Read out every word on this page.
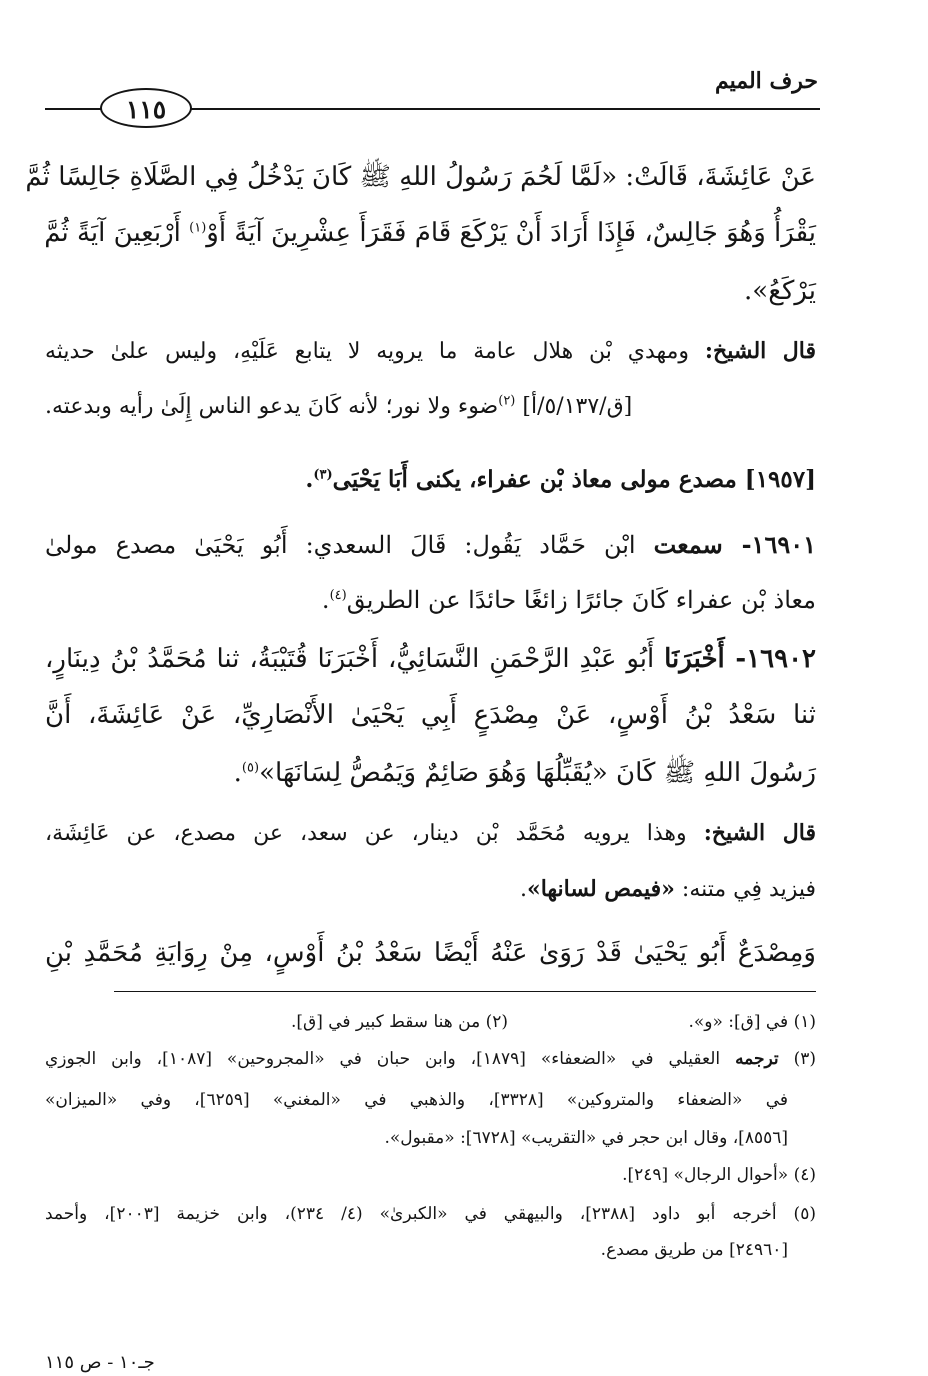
حرف الميم
١١٥
عَنْ عَائِشَةَ، قَالَتْ: «لَمَّا لَحُمَ رَسُولُ اللهِ ﷺ كَانَ يَدْخُلُ فِي الصَّلَاةِ جَالِسًا ثُمَّ
يَقْرَأُ وَهُوَ جَالِسٌ، فَإِذَا أَرَادَ أَنْ يَرْكَعَ قَامَ فَقَرَأَ عِشْرِينَ آيَةً أَوْ$^{(١)}$ أَرْبَعِينَ آيَةً ثُمَّ
يَرْكَعُ».
قال الشيخ: ومهدي بْن هلال عامة ما يرويه لا يتابع عَلَيْهِ، وليس علىٰ حديثه
[ق/٥/١٣٧/أ] $^{(٢)}$ضوء ولا نور؛ لأنه كَانَ يدعو الناس إِلَىٰ رأيه وبدعته.
[١٩٥٧] مصدع مولى معاذ بْن عفراء، يكنى أَبَا يَحْيَى$^{(٣)}$.
١٦٩٠١- سمعت ابْن حَمَّاد يَقُول: قَالَ السعدي: أَبُو يَحْيَىٰ مصدع مولىٰ
معاذ بْن عفراء كَانَ جائرًا زائغًا حائدًا عن الطريق$^{(٤)}$.
١٦٩٠٢- أَخْبَرَنَا أَبُو عَبْدِ الرَّحْمَنِ النَّسَائِيُّ، أَخْبَرَنَا قُتَيْبَةُ، ثنا مُحَمَّدُ بْنُ دِينَارٍ،
ثنا سَعْدُ بْنُ أَوْسٍ، عَنْ مِصْدَعٍ أَبِي يَحْيَىٰ الأَنْصَارِيِّ، عَنْ عَائِشَةَ، أَنَّ
رَسُولَ اللهِ ﷺ كَانَ «يُقَبِّلُهَا وَهُوَ صَائِمٌ وَيَمُصُّ لِسَانَهَا»$^{(٥)}$.
قال الشيخ: وهذا يرويه مُحَمَّد بْن دينار، عن سعد، عن مصدع، عن عَائِشَة،
فيزيد فِي متنه: «فيمص لسانها».
وَمِصْدَعٌ أَبُو يَحْيَىٰ قَدْ رَوَىٰ عَنْهُ أَيْضًا سَعْدُ بْنُ أَوْسٍ، مِنْ رِوَايَةِ مُحَمَّدِ بْنِ
(١) في [ق]: «و».
(٢) من هنا سقط كبير في [ق].
(٣) ترجمه العقيلي في «الضعفاء» [١٨٧٩]، وابن حبان في «المجروحين» [١٠٨٧]، وابن الجوزي
في «الضعفاء والمتروكين» [٣٣٢٨]، والذهبي في «المغني» [٦٢٥٩]، وفي «الميزان»
[٨٥٥٦]، وقال ابن حجر في «التقريب» [٦٧٢٨]: «مقبول».
(٤) «أحوال الرجال» [٢٤٩].
(٥) أخرجه أبو داود [٢٣٨٨]، والبيهقي في «الكبرىٰ» (٤/ ٢٣٤)، وابن خزيمة [٢٠٠٣]، وأحمد
[٢٤٩٦٠] من طريق مصدع.
جـ١٠ - ص ١١٥
